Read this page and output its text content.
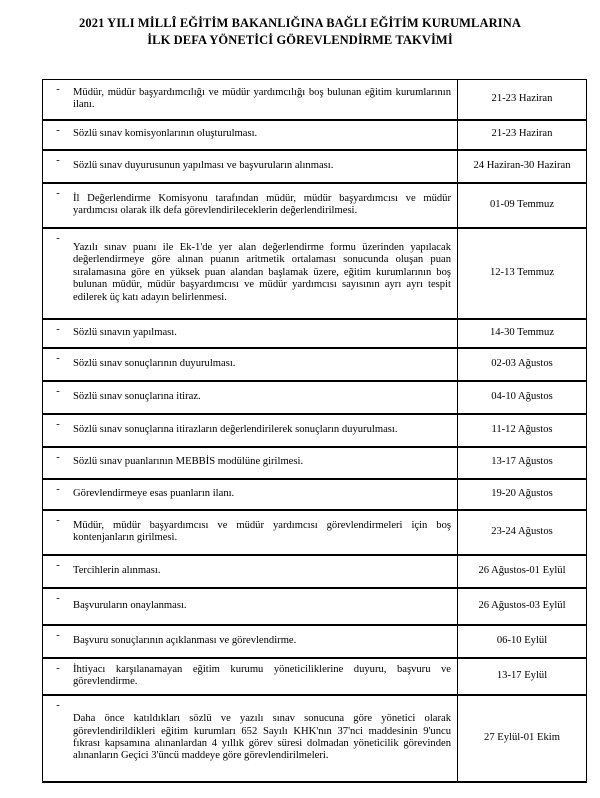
2021 YILI MİLLÎ EĞİTİM BAKANLIĞINA BAĞLI EĞİTİM KURUMLARINA
İLK DEFA YÖNETİCİ GÖREVLENDİRME TAKVİMİ
-	Müdür, müdür başyardımcılığı ve müdür yardımcılığı boş bulunan eğitim kurumlarının ilanı.	21-23 Haziran
-	Sözlü sınav komisyonlarının oluşturulması.	21-23 Haziran
-	Sözlü sınav duyurusunun yapılması ve başvuruların alınması.	24 Haziran-30 Haziran
-	İl Değerlendirme Komisyonu tarafından müdür, müdür başyardımcısı ve müdür yardımcısı olarak ilk defa görevlendirileceklerin değerlendirilmesi.	01-09 Temmuz
-	Yazılı sınav puanı ile Ek-1'de yer alan değerlendirme formu üzerinden yapılacak değerlendirmeye göre alınan puanın aritmetik ortalaması sonucunda oluşan puan sıralamasına göre en yüksek puan alandan başlamak üzere, eğitim kurumlarının boş bulunan müdür, müdür başyardımcısı ve müdür yardımcısı sayısının ayrı ayrı tespit edilerek üç katı adayın belirlenmesi.	12-13 Temmuz
-	Sözlü sınavın yapılması.	14-30 Temmuz
-	Sözlü sınav sonuçlarının duyurulması.	02-03 Ağustos
-	Sözlü sınav sonuçlarına itiraz.	04-10 Ağustos
-	Sözlü sınav sonuçlarına itirazların değerlendirilerek sonuçların duyurulması.	11-12 Ağustos
-	Sözlü sınav puanlarının MEBBİS modülüne girilmesi.	13-17 Ağustos
-	Görevlendirmeye esas puanların ilanı.	19-20 Ağustos
-	Müdür, müdür başyardımcısı ve müdür yardımcısı görevlendirmeleri için boş kontenjanların girilmesi.	23-24 Ağustos
-	Tercihlerin alınması.	26 Ağustos-01 Eylül
-	Başvuruların onaylanması.	26 Ağustos-03 Eylül
-	Başvuru sonuçlarının açıklanması ve görevlendirme.	06-10 Eylül
-	İhtiyacı karşılanamayan eğitim kurumu yöneticiliklerine duyuru, başvuru ve görevlendirme.	13-17 Eylül
-	Daha önce katıldıkları sözlü ve yazılı sınav sonucuna göre yönetici olarak görevlendirildikleri eğitim kurumları 652 Sayılı KHK'nın 37'nci maddesinin 9'uncu fıkrası kapsamına alınanlardan 4 yıllık görev süresi dolmadan yöneticilik görevinden alınanların Geçici 3'üncü maddeye göre görevlendirilmeleri.	27 Eylül-01 Ekim
